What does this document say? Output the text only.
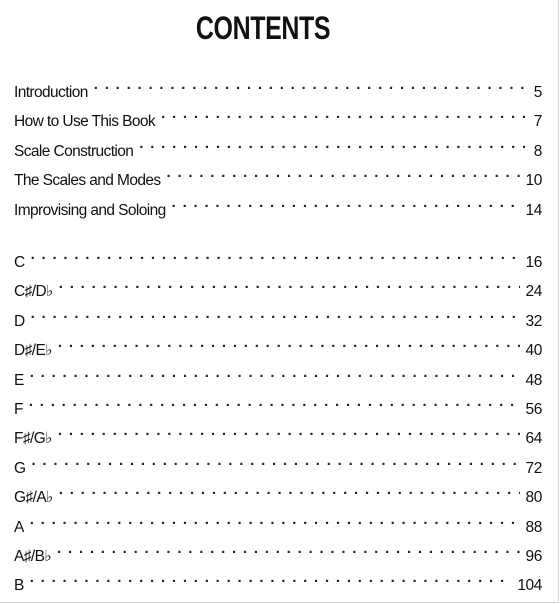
CONTENTS
Introduction . . .	5
How to Use This Book . . .	7
Scale Construction . . .	8
The Scales and Modes . . .	10
Improvising and Soloing . . .	14
C . . .	16
C♯/D♭ . . .	24
D . . .	32
D♯/E♭ . . .	40
E . . .	48
F . . .	56
F♯/G♭ . . .	64
G . . .	72
G♯/A♭ . . .	80
A . . .	88
A♯/B♭ . . .	96
B . . .	104
